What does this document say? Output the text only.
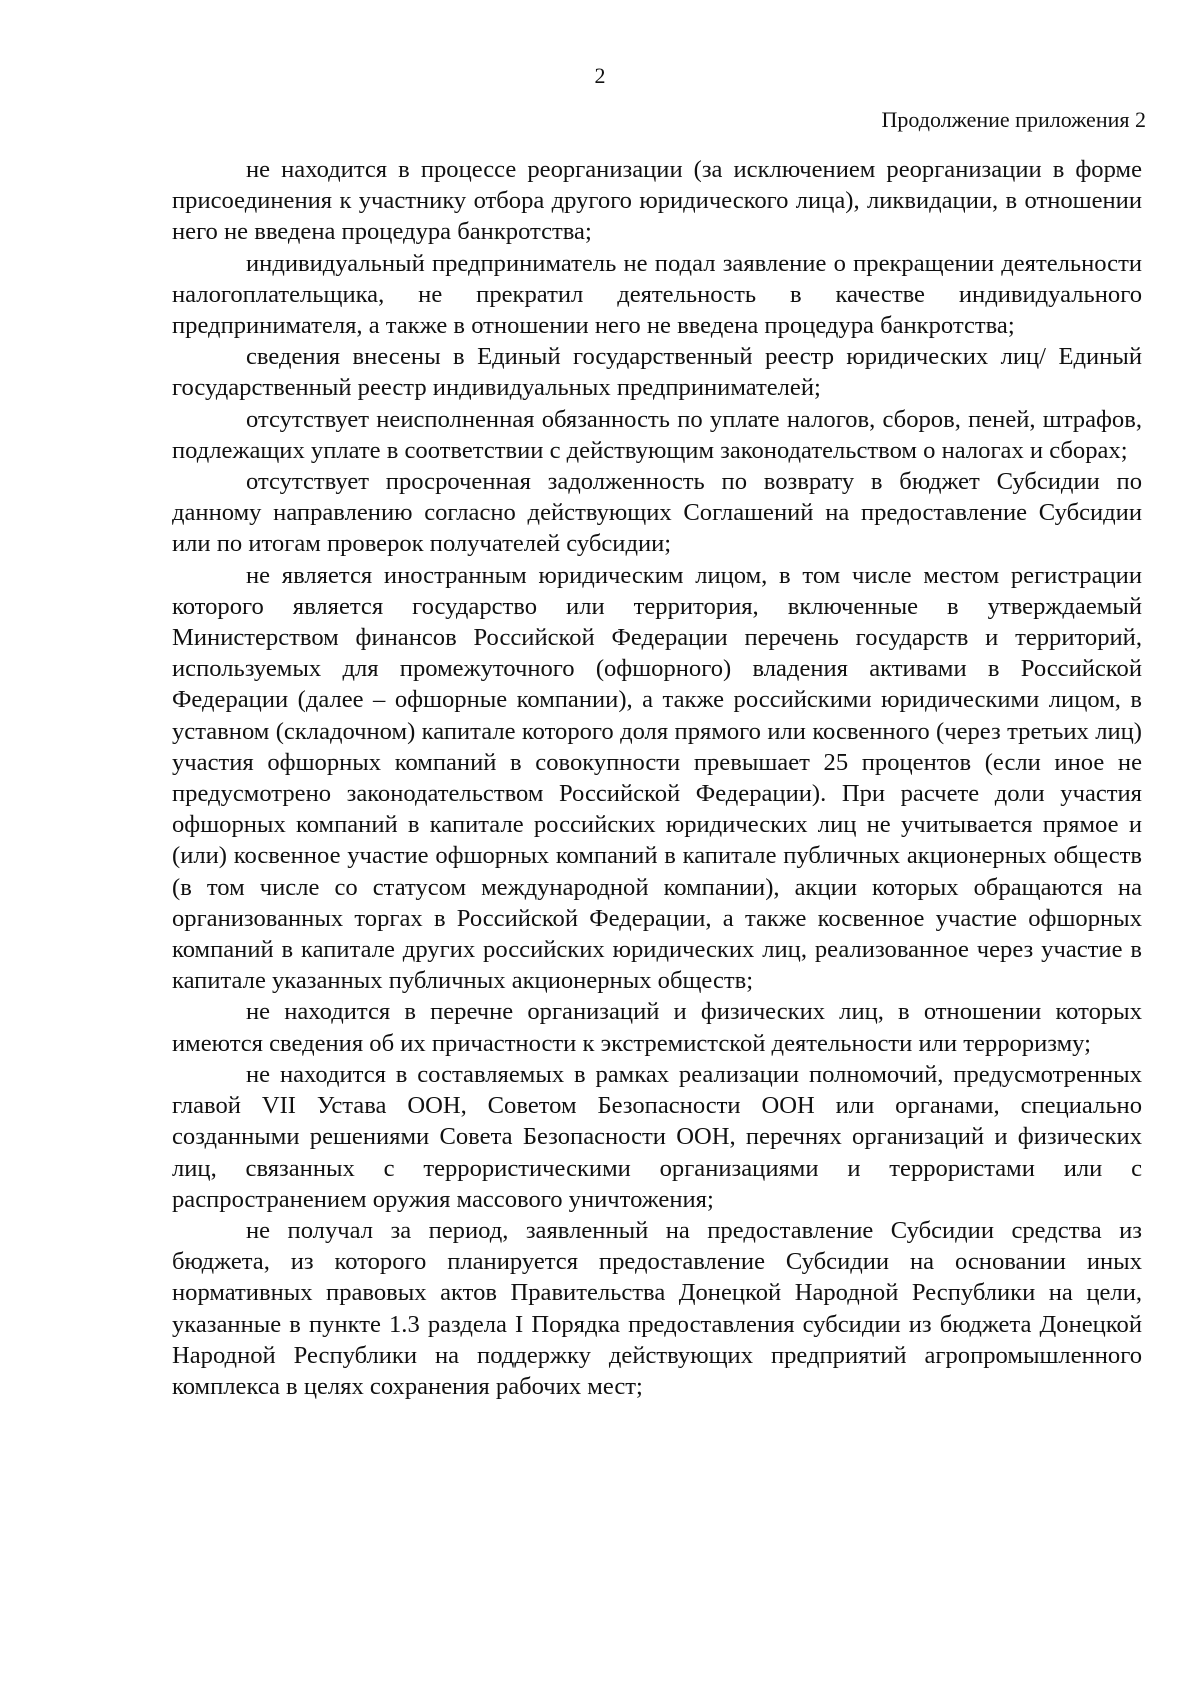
2
Продолжение приложения 2

не находится в процессе реорганизации (за исключением реорганизации в форме присоединения к участнику отбора другого юридического лица), ликвидации, в отношении него не введена процедура банкротства;

индивидуальный предприниматель не подал заявление о прекращении деятельности налогоплательщика, не прекратил деятельность в качестве индивидуального предпринимателя, а также в отношении него не введена процедура банкротства;

сведения внесены в Единый государственный реестр юридических лиц/ Единый государственный реестр индивидуальных предпринимателей;

отсутствует неисполненная обязанность по уплате налогов, сборов, пеней, штрафов, подлежащих уплате в соответствии с действующим законодательством о налогах и сборах;

отсутствует просроченная задолженность по возврату в бюджет Субсидии по данному направлению согласно действующих Соглашений на предоставление Субсидии или по итогам проверок получателей субсидии;

не является иностранным юридическим лицом, в том числе местом регистрации которого является государство или территория, включенные в утверждаемый Министерством финансов Российской Федерации перечень государств и территорий, используемых для промежуточного (офшорного) владения активами в Российской Федерации (далее – офшорные компании), а также российскими юридическими лицом, в уставном (складочном) капитале которого доля прямого или косвенного (через третьих лиц) участия офшорных компаний в совокупности превышает 25 процентов (если иное не предусмотрено законодательством Российской Федерации). При расчете доли участия офшорных компаний в капитале российских юридических лиц не учитывается прямое и (или) косвенное участие офшорных компаний в капитале публичных акционерных обществ (в том числе со статусом международной компании), акции которых обращаются на организованных торгах в Российской Федерации, а также косвенное участие офшорных компаний в капитале других российских юридических лиц, реализованное через участие в капитале указанных публичных акционерных обществ;

не находится в перечне организаций и физических лиц, в отношении которых имеются сведения об их причастности к экстремистской деятельности или терроризму;

не находится в составляемых в рамках реализации полномочий, предусмотренных главой VII Устава ООН, Советом Безопасности ООН или органами, специально созданными решениями Совета Безопасности ООН, перечнях организаций и физических лиц, связанных с террористическими организациями и террористами или с распространением оружия массового уничтожения;

не получал за период, заявленный на предоставление Субсидии средства из бюджета, из которого планируется предоставление Субсидии на основании иных нормативных правовых актов Правительства Донецкой Народной Республики на цели, указанные в пункте 1.3 раздела I Порядка предоставления субсидии из бюджета Донецкой Народной Республики на поддержку действующих предприятий агропромышленного комплекса в целях сохранения рабочих мест;
